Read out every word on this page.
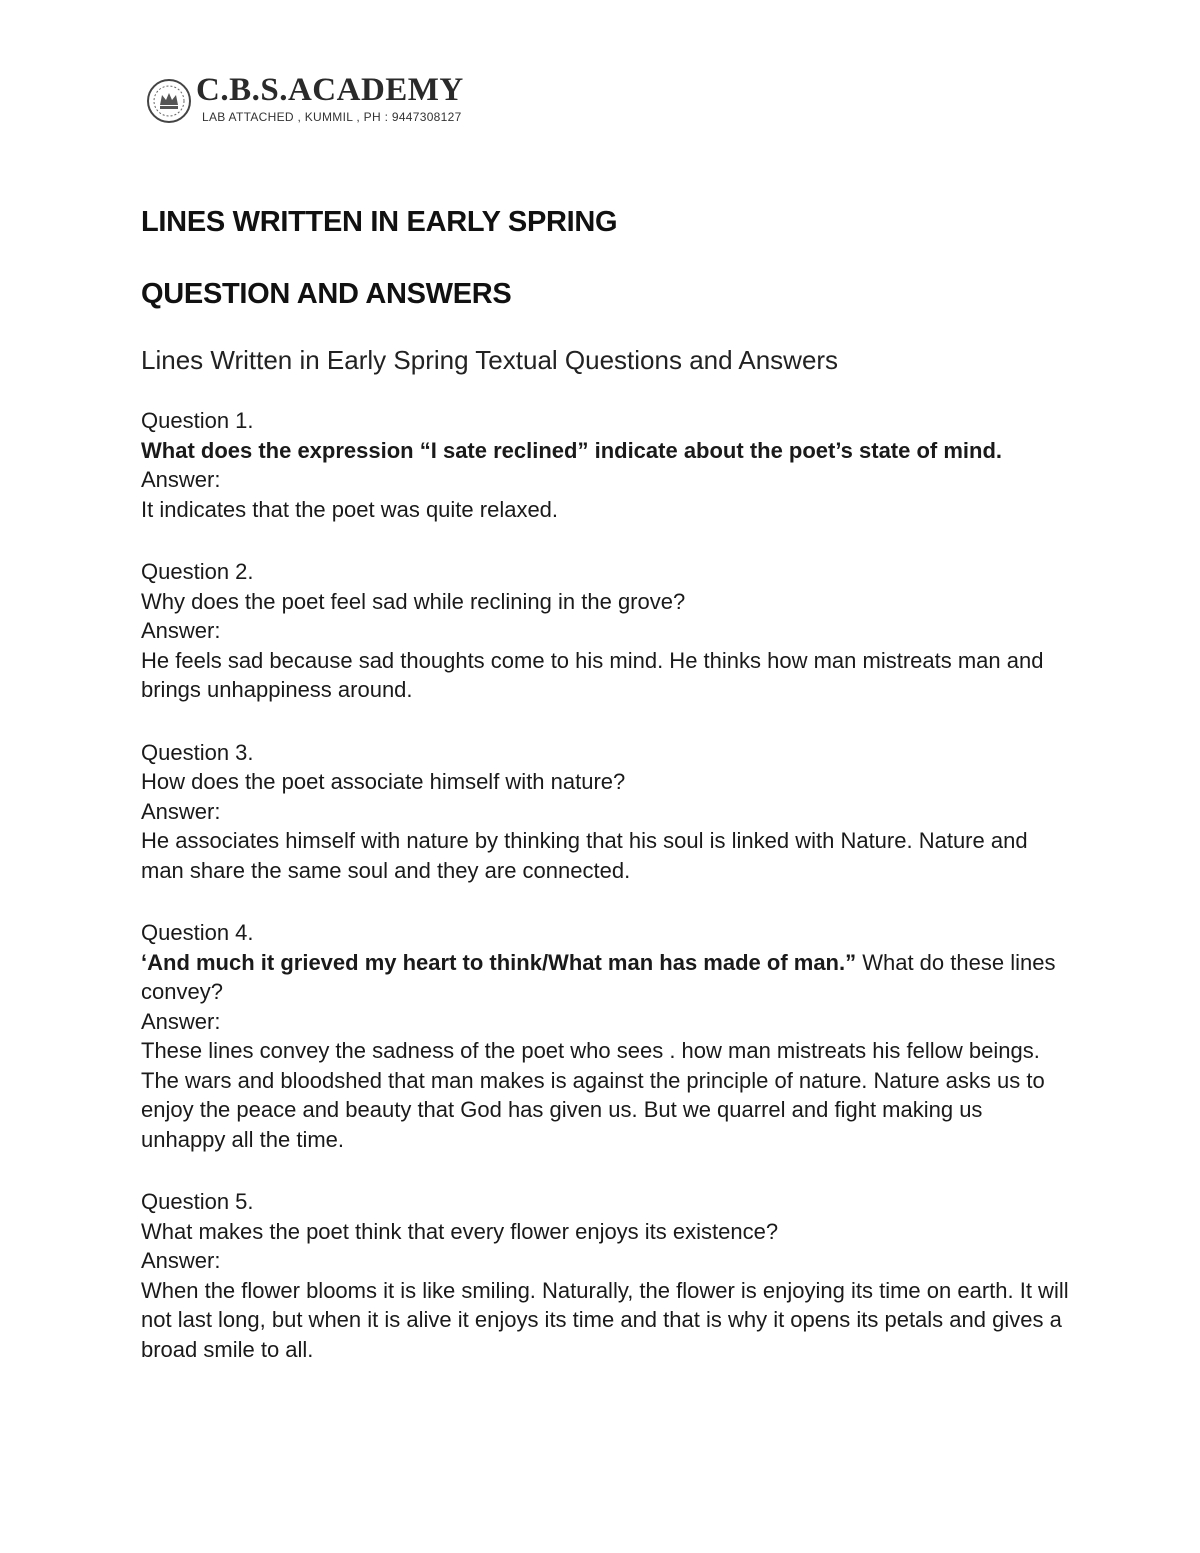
C.B.S.ACADEMY
LAB ATTACHED , KUMMIL , PH : 9447308127
LINES WRITTEN IN EARLY SPRING
QUESTION AND ANSWERS
Lines Written in Early Spring Textual Questions and Answers
Question 1.
What does the expression “I sate reclined” indicate about the poet’s state of mind.
Answer:
It indicates that the poet was quite relaxed.
Question 2.
Why does the poet feel sad while reclining in the grove?
Answer:
He feels sad because sad thoughts come to his mind. He thinks how man mistreats man and brings unhappiness around.
Question 3.
How does the poet associate himself with nature?
Answer:
He associates himself with nature by thinking that his soul is linked with Nature. Nature and man share the same soul and they are connected.
Question 4.
‘And much it grieved my heart to think/What man has made of man.” What do these lines convey?
Answer:
These lines convey the sadness of the poet who sees . how man mistreats his fellow beings. The wars and bloodshed that man makes is against the principle of nature. Nature asks us to enjoy the peace and beauty that God has given us. But we quarrel and fight making us unhappy all the time.
Question 5.
What makes the poet think that every flower enjoys its existence?
Answer:
When the flower blooms it is like smiling. Naturally, the flower is enjoying its time on earth. It will not last long, but when it is alive it enjoys its time and that is why it opens its petals and gives a broad smile to all.
